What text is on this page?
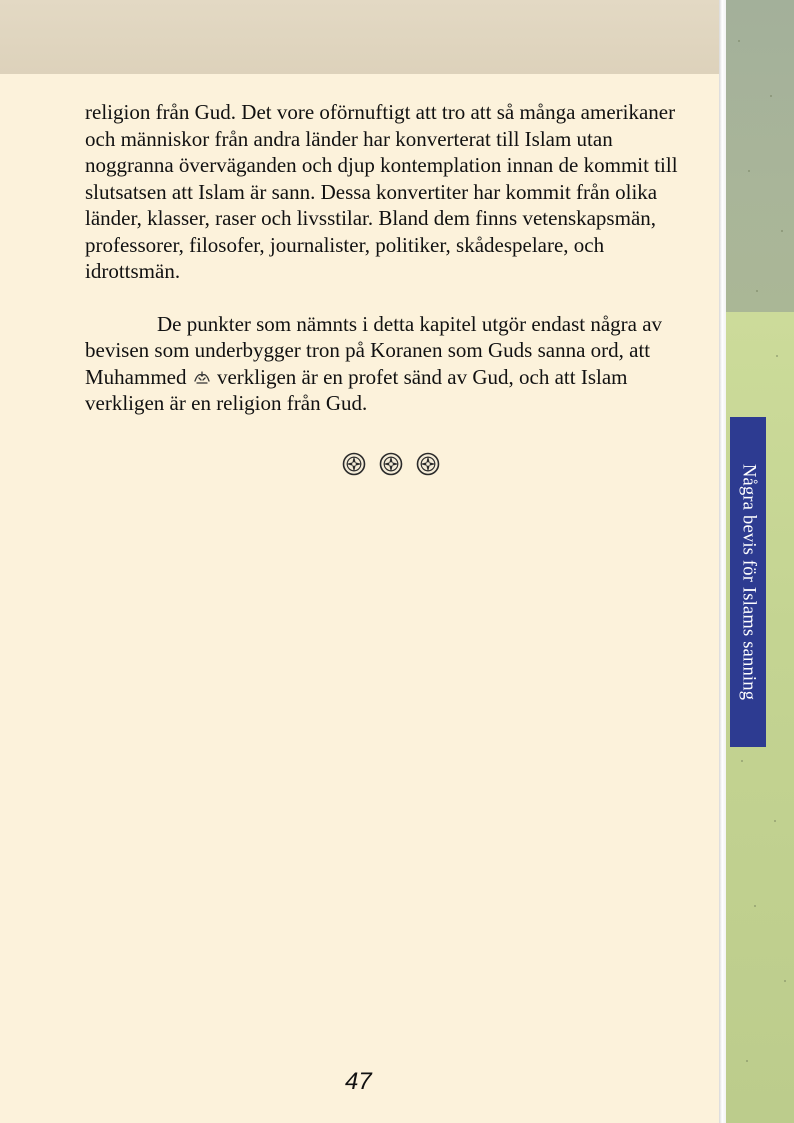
Några bevis för Islams sanning

religion från Gud. Det vore oförnuftigt att tro att så många amerikaner och människor från andra länder har konverterat till Islam utan noggranna överväganden och djup kontemplation innan de kommit till slutsatsen att Islam är sann. Dessa konvertiter har kommit från olika länder, klasser, raser och livsstilar. Bland dem finns vetenskapsmän, professorer, filosofer, journalister, politiker, skådespelare, och idrottsmän.

De punkter som nämnts i detta kapitel utgör endast några av bevisen som underbygger tron på Koranen som Guds sanna ord, att Muhammed verkligen är en profet sänd av Gud, och att Islam verkligen är en religion från Gud.

47
